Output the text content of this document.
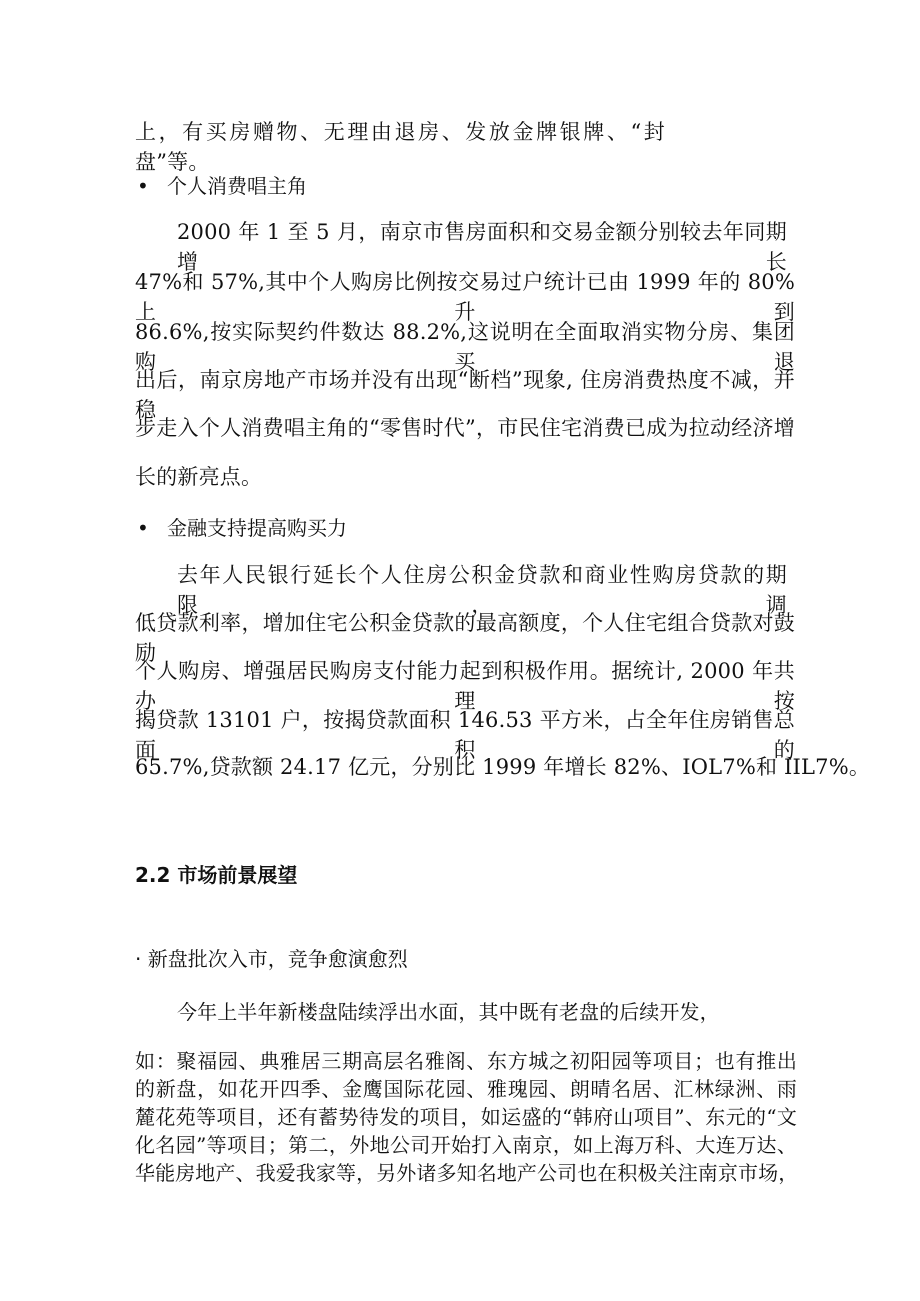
上，有买房赠物、无理由退房、发放金牌银牌、“封盘”等。
• 个人消费唱主角
2000 年 1 至 5 月，南京市售房面积和交易金额分别较去年同期增长
47%和 57%,其中个人购房比例按交易过户统计已由 1999 年的 80%上升到
86.6%,按实际契约件数达 88.2%,这说明在全面取消实物分房、集团购买退
出后，南京房地产市场并没有出现“断档”现象, 住房消费热度不减，并稳
步走入个人消费唱主角的“零售时代”，市民住宅消费已成为拉动经济增
长的新亮点。
• 金融支持提高购买力
去年人民银行延长个人住房公积金贷款和商业性购房贷款的期限，调
低贷款利率，增加住宅公积金贷款的最高额度，个人住宅组合贷款对鼓励
个人购房、增强居民购房支付能力起到积极作用。据统计, 2000 年共办理按
揭贷款 13101 户，按揭贷款面积 146.53 平方米，占全年住房销售总面积的
65.7%,贷款额 24.17 亿元，分别比 1999 年增长 82%、IOL7%和 IIL7%。
2.2 市场前景展望
· 新盘批次入市，竞争愈演愈烈
今年上半年新楼盘陆续浮出水面，其中既有老盘的后续开发，
如：聚福园、典雅居三期高层名雅阁、东方城之初阳园等项目；也有推出
的新盘，如花开四季、金鹰国际花园、雅瑰园、朗晴名居、汇林绿洲、雨
麓花苑等项目，还有蓄势待发的项目，如运盛的“韩府山项目”、东元的“文
化名园”等项目；第二，外地公司开始打入南京，如上海万科、大连万达、
华能房地产、我爱我家等，另外诸多知名地产公司也在积极关注南京市场，
